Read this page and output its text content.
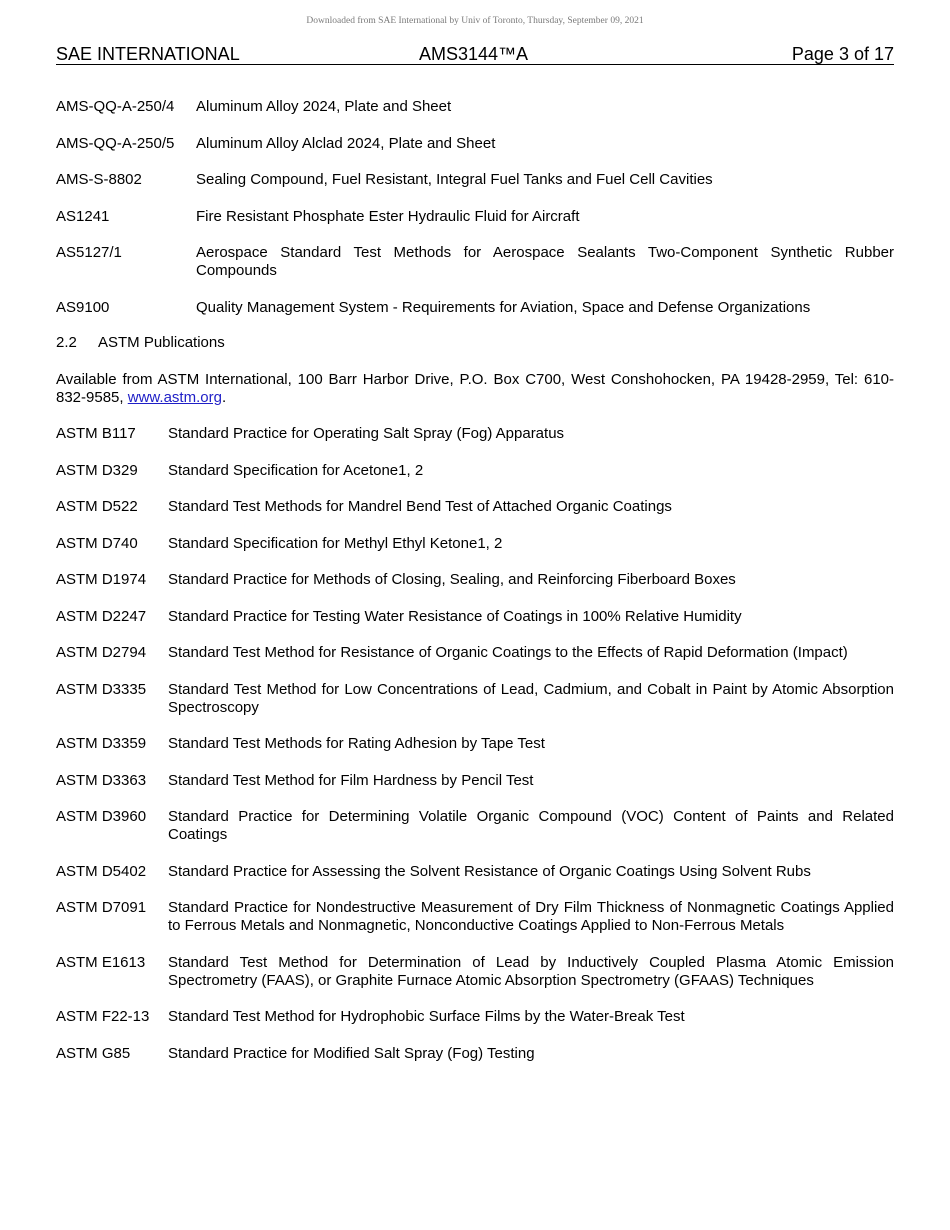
Downloaded from SAE International by Univ of Toronto, Thursday, September 09, 2021
SAE INTERNATIONAL	AMS3144™A	Page 3 of 17
AMS-QQ-A-250/4 Aluminum Alloy 2024, Plate and Sheet
AMS-QQ-A-250/5 Aluminum Alloy Alclad 2024, Plate and Sheet
AMS-S-8802	Sealing Compound, Fuel Resistant, Integral Fuel Tanks and Fuel Cell Cavities
AS1241	Fire Resistant Phosphate Ester Hydraulic Fluid for Aircraft
AS5127/1	Aerospace Standard Test Methods for Aerospace Sealants Two-Component Synthetic Rubber Compounds
AS9100	Quality Management System - Requirements for Aviation, Space and Defense Organizations
2.2 ASTM Publications
Available from ASTM International, 100 Barr Harbor Drive, P.O. Box C700, West Conshohocken, PA 19428-2959, Tel: 610-832-9585, www.astm.org.
ASTM B117 Standard Practice for Operating Salt Spray (Fog) Apparatus
ASTM D329 Standard Specification for Acetone1, 2
ASTM D522 Standard Test Methods for Mandrel Bend Test of Attached Organic Coatings
ASTM D740 Standard Specification for Methyl Ethyl Ketone1, 2
ASTM D1974 Standard Practice for Methods of Closing, Sealing, and Reinforcing Fiberboard Boxes
ASTM D2247 Standard Practice for Testing Water Resistance of Coatings in 100% Relative Humidity
ASTM D2794 Standard Test Method for Resistance of Organic Coatings to the Effects of Rapid Deformation (Impact)
ASTM D3335 Standard Test Method for Low Concentrations of Lead, Cadmium, and Cobalt in Paint by Atomic Absorption Spectroscopy
ASTM D3359 Standard Test Methods for Rating Adhesion by Tape Test
ASTM D3363 Standard Test Method for Film Hardness by Pencil Test
ASTM D3960 Standard Practice for Determining Volatile Organic Compound (VOC) Content of Paints and Related Coatings
ASTM D5402 Standard Practice for Assessing the Solvent Resistance of Organic Coatings Using Solvent Rubs
ASTM D7091 Standard Practice for Nondestructive Measurement of Dry Film Thickness of Nonmagnetic Coatings Applied to Ferrous Metals and Nonmagnetic, Nonconductive Coatings Applied to Non-Ferrous Metals
ASTM E1613 Standard Test Method for Determination of Lead by Inductively Coupled Plasma Atomic Emission Spectrometry (FAAS), or Graphite Furnace Atomic Absorption Spectrometry (GFAAS) Techniques
ASTM F22-13 Standard Test Method for Hydrophobic Surface Films by the Water-Break Test
ASTM G85	Standard Practice for Modified Salt Spray (Fog) Testing
